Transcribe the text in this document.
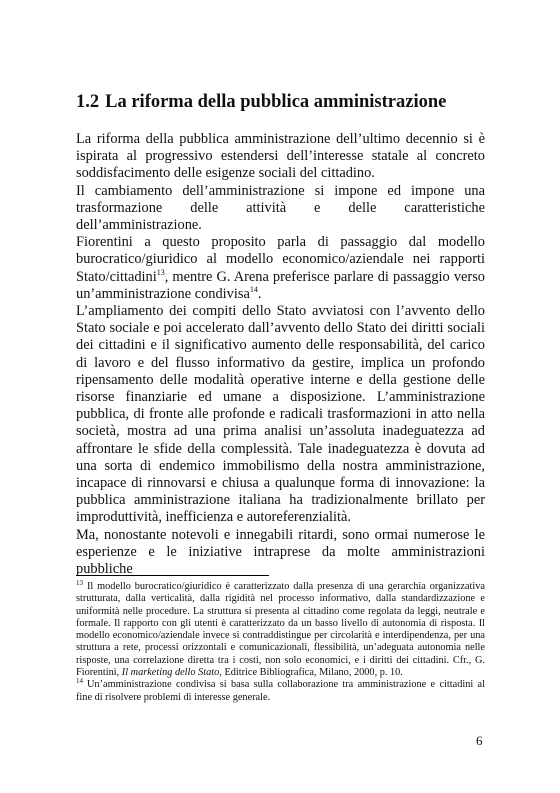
1.2 La riforma della pubblica amministrazione

La riforma della pubblica amministrazione dell’ultimo decennio si è ispirata al progressivo estendersi dell’interesse statale al concreto soddisfacimento delle esigenze sociali del cittadino.

Il cambiamento dell’amministrazione si impone ed impone una trasformazione delle attività e delle caratteristiche dell’amministrazione.

Fiorentini a questo proposito parla di passaggio dal modello burocratico/giuridico al modello economico/aziendale nei rapporti Stato/cittadini$^{13}$, mentre G. Arena preferisce parlare di passaggio verso un’amministrazione condivisa$^{14}$.

L’ampliamento dei compiti dello Stato avviatosi con l’avvento dello Stato sociale e poi accelerato dall’avvento dello Stato dei diritti sociali dei cittadini e il significativo aumento delle responsabilità, del carico di lavoro e del flusso informativo da gestire, implica un profondo ripensamento delle modalità operative interne e della gestione delle risorse finanziarie ed umane a disposizione. L’amministrazione pubblica, di fronte alle profonde e radicali trasformazioni in atto nella società, mostra ad una prima analisi un’assoluta inadeguatezza ad affrontare le sfide della complessità. Tale inadeguatezza è dovuta ad una sorta di endemico immobilismo della nostra amministrazione, incapace di rinnovarsi e chiusa a qualunque forma di innovazione: la pubblica amministrazione italiana ha tradizionalmente brillato per improduttività, inefficienza e autoreferenzialità.

Ma, nonostante notevoli e innegabili ritardi, sono ormai numerose le esperienze e le iniziative intraprese da molte amministrazioni pubbliche

$^{13}$ Il modello burocratico/giuridico è caratterizzato dalla presenza di una gerarchia organizzativa strutturata, dalla verticalità, dalla rigidità nel processo informativo, dalla standardizzazione e uniformità nelle procedure. La struttura si presenta al cittadino come regolata da leggi, neutrale e formale. Il rapporto con gli utenti è caratterizzato da un basso livello di autonomia di risposta. Il modello economico/aziendale invece si contraddistingue per circolarità e interdipendenza, per una struttura a rete, processi orizzontali e comunicazionali, flessibilità, un’adeguata autonomia nelle risposte, una correlazione diretta tra i costi, non solo economici, e i diritti dei cittadini. Cfr., G. Fiorentini, Il marketing dello Stato, Editrice Bibliografica, Milano, 2000, p. 10.

$^{14}$ Un’amministrazione condivisa si basa sulla collaborazione tra amministrazione e cittadini al fine di risolvere problemi di interesse generale.

6
